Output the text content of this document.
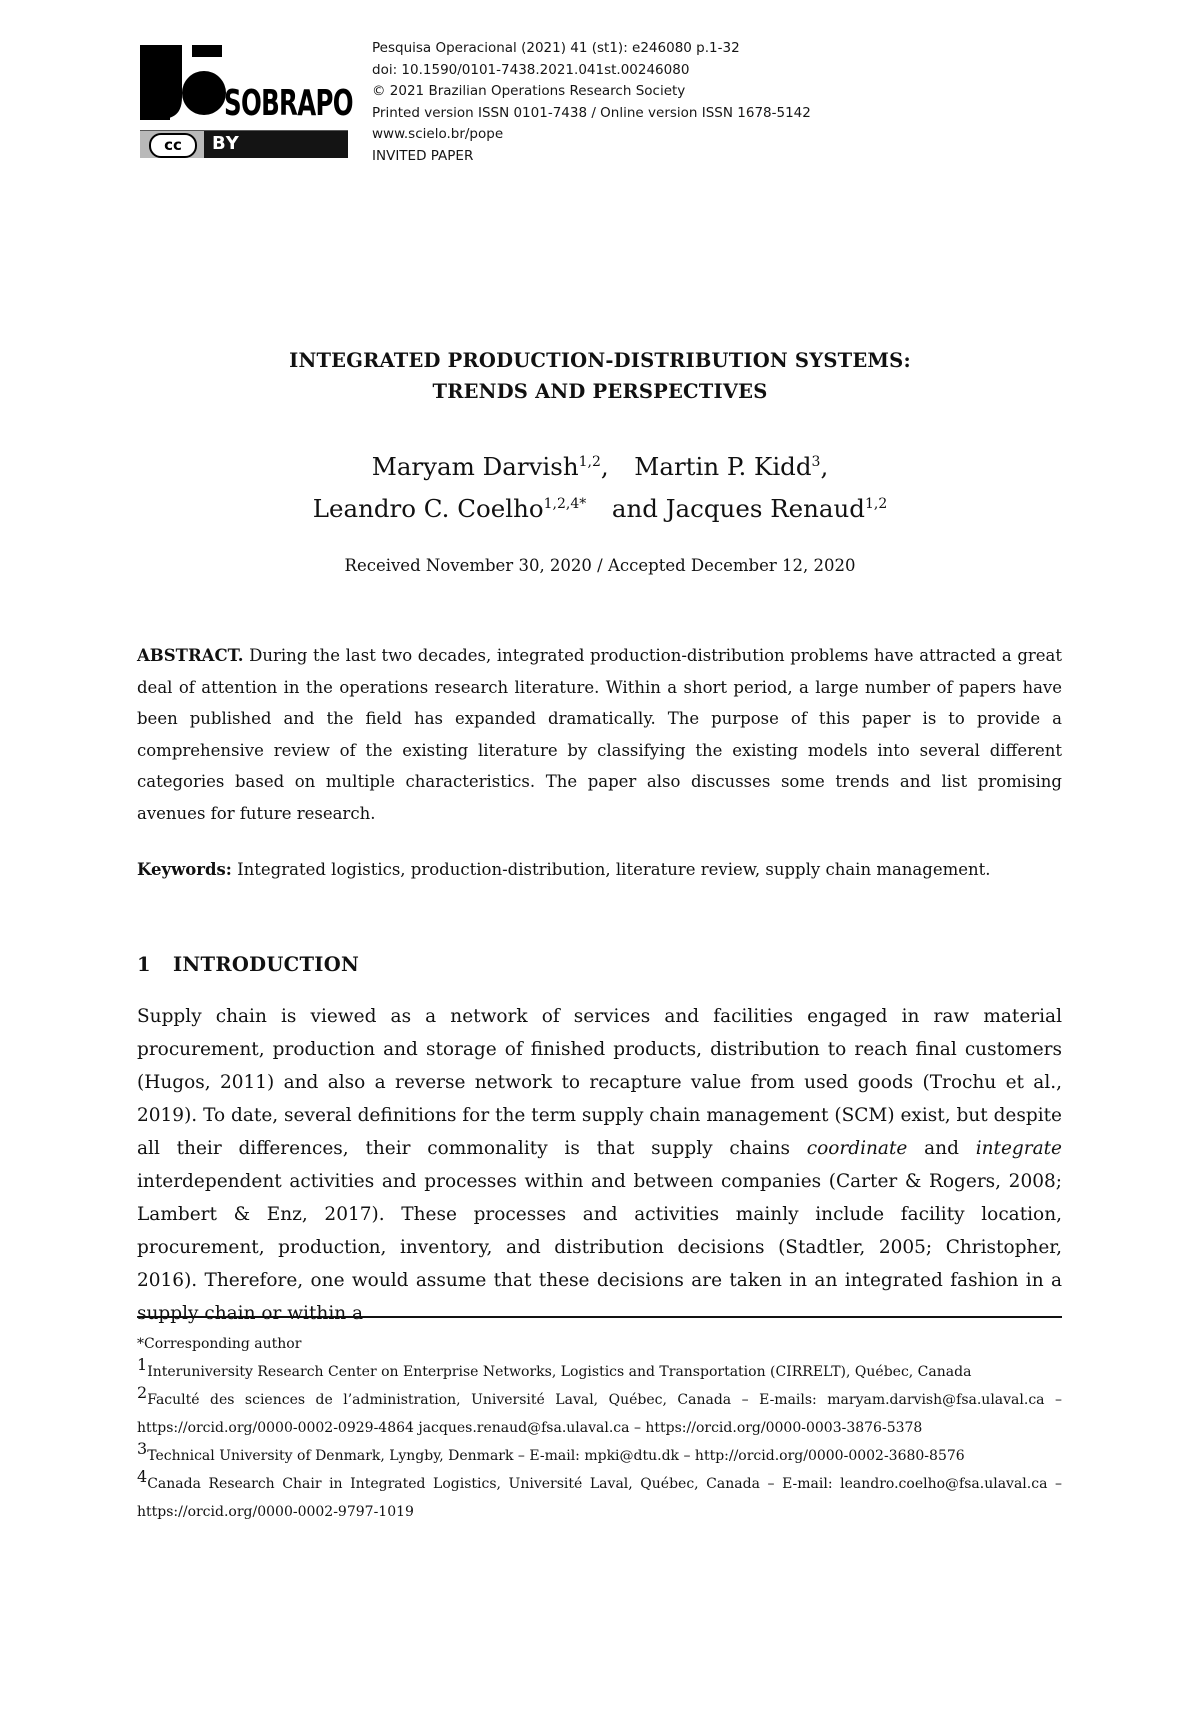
SOBRAPO
cc	BY
Pesquisa Operacional (2021) 41 (st1): e246080 p.1-32
doi: 10.1590/0101-7438.2021.041st.00246080
© 2021 Brazilian Operations Research Society
Printed version ISSN 0101-7438 / Online version ISSN 1678-5142
www.scielo.br/pope
INVITED PAPER
INTEGRATED PRODUCTION-DISTRIBUTION SYSTEMS:
TRENDS AND PERSPECTIVES
Maryam Darvish$^{1,2}$, Martin P. Kidd$^3$,
Leandro C. Coelho$^{1,2,4*}$ and Jacques Renaud$^{1,2}$
Received November 30, 2020 / Accepted December 12, 2020
ABSTRACT. During the last two decades, integrated production-distribution problems have attracted a great deal of attention in the operations research literature. Within a short period, a large number of papers have been published and the field has expanded dramatically. The purpose of this paper is to provide a comprehensive review of the existing literature by classifying the existing models into several different categories based on multiple characteristics. The paper also discusses some trends and list promising avenues for future research.
Keywords: Integrated logistics, production-distribution, literature review, supply chain management.
1 INTRODUCTION
Supply chain is viewed as a network of services and facilities engaged in raw material procurement, production and storage of finished products, distribution to reach final customers (Hugos, 2011) and also a reverse network to recapture value from used goods (Trochu et al., 2019). To date, several definitions for the term supply chain management (SCM) exist, but despite all their differences, their commonality is that supply chains coordinate and integrate interdependent activities and processes within and between companies (Carter & Rogers, 2008; Lambert & Enz, 2017). These processes and activities mainly include facility location, procurement, production, inventory, and distribution decisions (Stadtler, 2005; Christopher, 2016). Therefore, one would assume that these decisions are taken in an integrated fashion in a supply chain or within a

*Corresponding author

$^1$Interuniversity Research Center on Enterprise Networks, Logistics and Transportation (CIRRELT), Québec, Canada

$^2$Faculté des sciences de l’administration, Université Laval, Québec, Canada – E-mails: maryam.darvish@fsa.ulaval.ca – https://orcid.org/0000-0002-0929-4864 jacques.renaud@fsa.ulaval.ca – https://orcid.org/0000-0003-3876-5378

$^3$Technical University of Denmark, Lyngby, Denmark – E-mail: mpki@dtu.dk – http://orcid.org/0000-0002-3680-8576

$^4$Canada Research Chair in Integrated Logistics, Université Laval, Québec, Canada – E-mail: leandro.coelho@fsa.ulaval.ca – https://orcid.org/0000-0002-9797-1019
